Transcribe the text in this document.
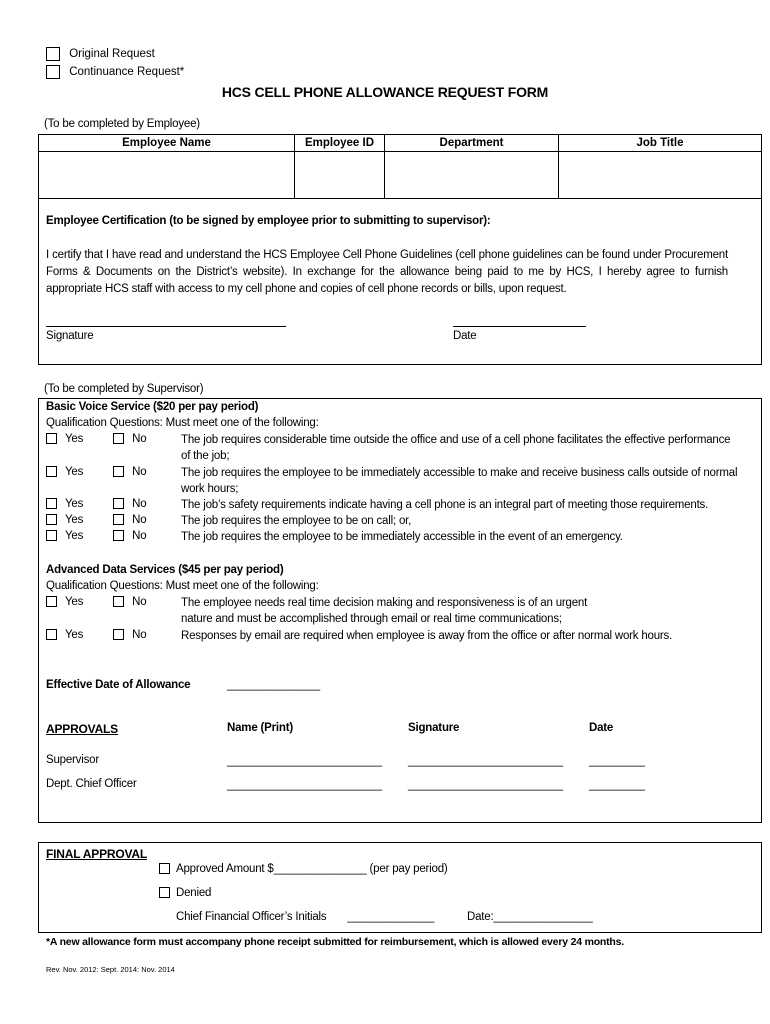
Original Request
Continuance Request*
HCS CELL PHONE ALLOWANCE REQUEST FORM
(To be completed by Employee)
Employee Name	Employee ID	Department	Job Title

Employee Certification (to be signed by employee prior to submitting to supervisor):
I certify that I have read and understand the HCS Employee Cell Phone Guidelines (cell phone guidelines can be found under Procurement Forms & Documents on the District’s website). In exchange for the allowance being paid to me by HCS, I hereby agree to furnish appropriate HCS staff with access to my cell phone and copies of cell phone records or bills, upon request.
Signature	Date
(To be completed by Supervisor)
Basic Voice Service ($20 per pay period)
Qualification Questions: Must meet one of the following:
Yes	No	The job requires considerable time outside the office and use of a cell phone facilitates the effective performance of the job;
Yes	No	The job requires the employee to be immediately accessible to make and receive business calls outside of normal work hours;
Yes	No	The job’s safety requirements indicate having a cell phone is an integral part of meeting those requirements.
Yes	No	The job requires the employee to be on call; or,
Yes	No	The job requires the employee to be immediately accessible in the event of an emergency.
Advanced Data Services ($45 per pay period)
Qualification Questions: Must meet one of the following:
Yes	No	The employee needs real time decision making and responsiveness is of an urgent nature and must be accomplished through email or real time communications;
Yes	No	Responses by email are required when employee is away from the office or after normal work hours.
Effective Date of Allowance	_______________
APPROVALS	Name (Print)	Signature	Date
Supervisor	_________________________ _________________________ _________
Dept. Chief Officer	_________________________ _________________________ _________
FINAL APPROVAL
Approved Amount $_______________ (per pay period)
Denied
Chief Financial Officer’s Initials       ______________	Date:________________
*A new allowance form must accompany phone receipt submitted for reimbursement, which is allowed every 24 months.
Rev. Nov. 2012: Sept. 2014: Nov. 2014
